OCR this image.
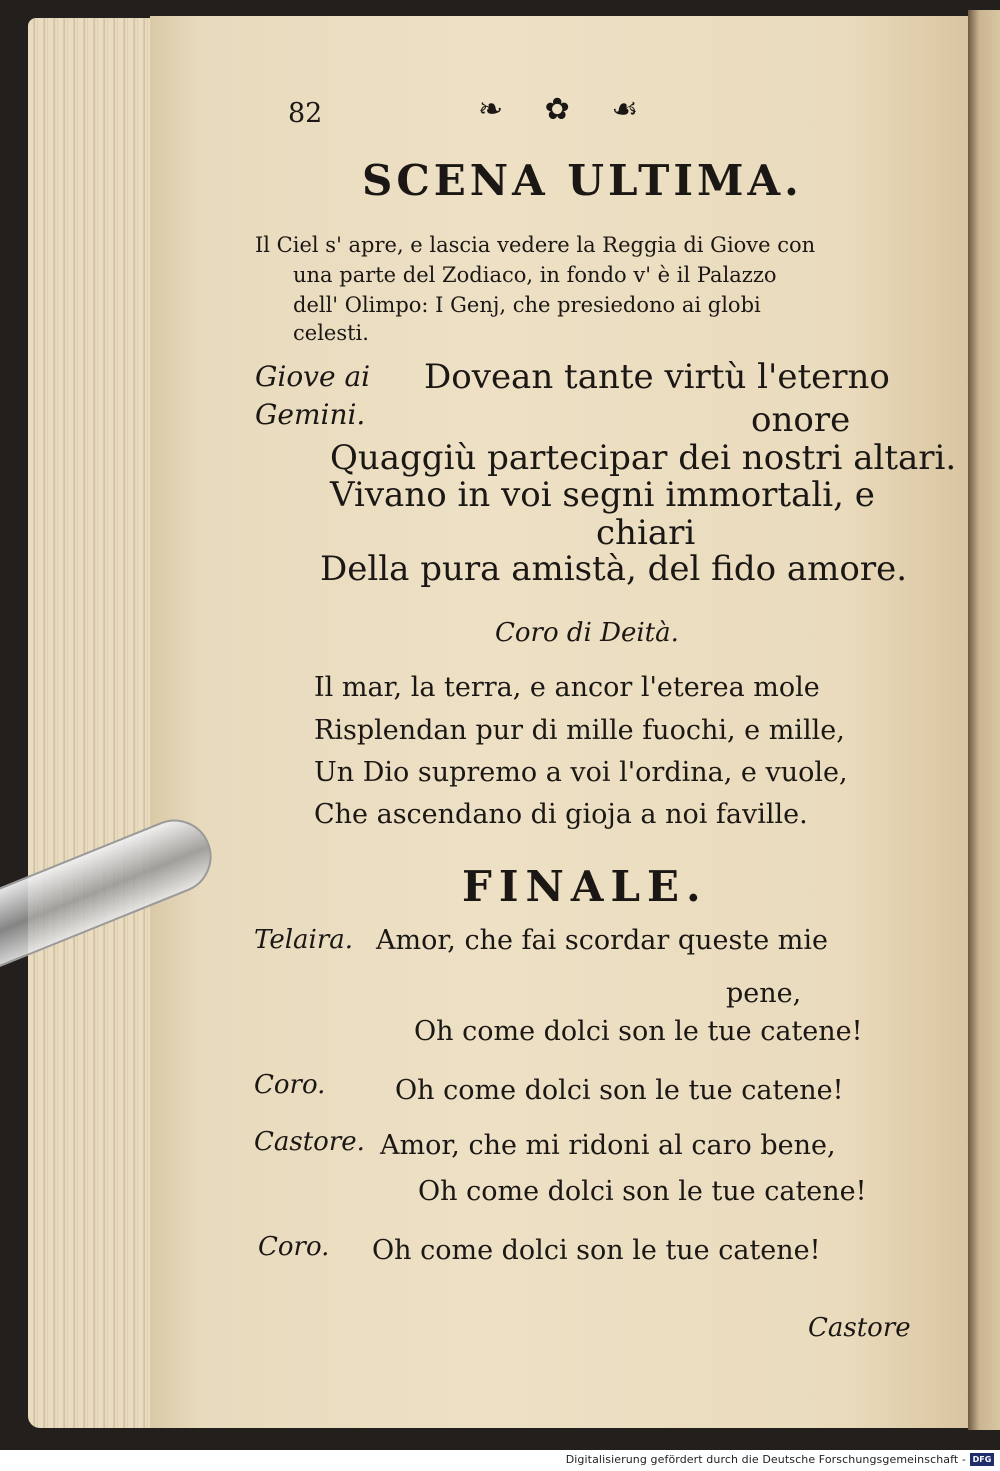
82	❧ ✿ ☙
SCENA ULTIMA.
Il Ciel s' apre, e lascia vedere la Reggia di Giove con
una parte del Zodiaco, in fondo v' è il Palazzo
dell' Olimpo: I Genj, che presiedono ai globi
celesti.
Giove ai
Gemini.
Dovean tante virtù l'eterno
onore
Quaggiù partecipar dei nostri altari.
Vivano in voi segni immortali, e
chiari
Della pura amistà, del fido amore.
Coro di Deità.
Il mar, la terra, e ancor l'eterea mole
Risplendan pur di mille fuochi, e mille,
Un Dio supremo a voi l'ordina, e vuole,
Che ascendano di gioja a noi faville.
FINALE.
Telaira. Amor, che fai scordar queste mie
pene,
Oh come dolci son le tue catene!
Coro.	Oh come dolci son le tue catene!
Castore. Amor, che mi ridoni al caro bene,
Oh come dolci son le tue catene!
Coro. Oh come dolci son le tue catene!
Castore
Digitalisierung gefördert durch die Deutsche Forschungsgemeinschaft - DFG
